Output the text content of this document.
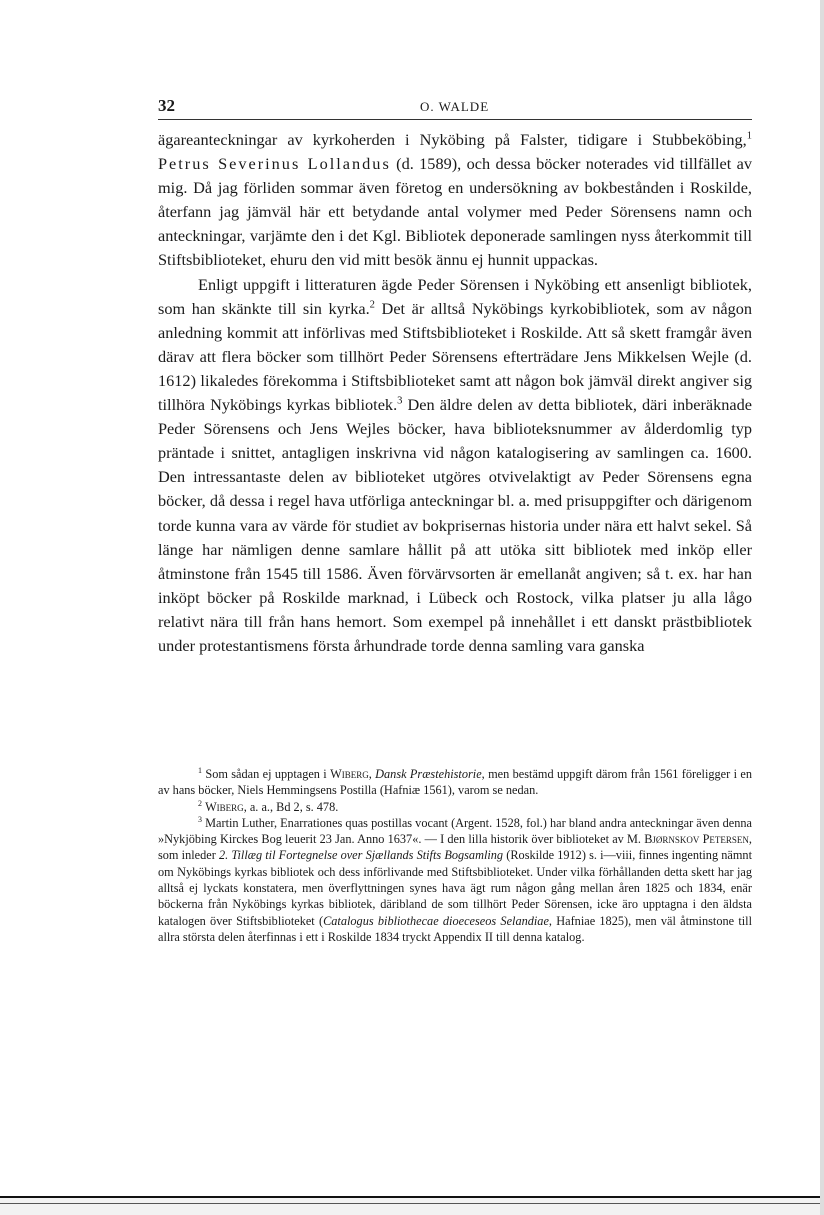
32	O. WALDE

ägareanteckningar av kyrkoherden i Nyköbing på Falster, tidigare i Stubbeköbing,$^1$ Petrus Severinus Lollandus (d. 1589), och dessa böcker noterades vid tillfället av mig. Då jag förliden sommar även företog en undersökning av bokbestånden i Roskilde, återfann jag jämväl här ett betydande antal volymer med Peder Sörensens namn och anteckningar, varjämte den i det Kgl. Bibliotek deponerade samlingen nyss återkommit till Stiftsbiblioteket, ehuru den vid mitt besök ännu ej hunnit uppackas.

Enligt uppgift i litteraturen ägde Peder Sörensen i Nyköbing ett ansenligt bibliotek, som han skänkte till sin kyrka.$^2$ Det är alltså Nyköbings kyrkobibliotek, som av någon anledning kommit att införlivas med Stiftsbiblioteket i Roskilde. Att så skett framgår även därav att flera böcker som tillhört Peder Sörensens efterträdare Jens Mikkelsen Wejle (d. 1612) likaledes förekomma i Stiftsbiblioteket samt att någon bok jämväl direkt angiver sig tillhöra Nyköbings kyrkas bibliotek.$^3$ Den äldre delen av detta bibliotek, däri inberäknade Peder Sörensens och Jens Wejles böcker, hava biblioteksnummer av ålderdomlig typ präntade i snittet, antagligen inskrivna vid någon katalogisering av samlingen ca. 1600. Den intressantaste delen av biblioteket utgöres otvivelaktigt av Peder Sörensens egna böcker, då dessa i regel hava utförliga anteckningar bl. a. med prisuppgifter och därigenom torde kunna vara av värde för studiet av bokprisernas historia under nära ett halvt sekel. Så länge har nämligen denne samlare hållit på att utöka sitt bibliotek med inköp eller åtminstone från 1545 till 1586. Även förvärvsorten är emellanåt angiven; så t. ex. har han inköpt böcker på Roskilde marknad, i Lübeck och Rostock, vilka platser ju alla lågo relativt nära till från hans hemort. Som exempel på innehållet i ett danskt prästbibliotek under protestantismens första århundrade torde denna samling vara ganska

$^1$ Som sådan ej upptagen i Wiberg, Dansk Præstehistorie, men bestämd uppgift därom från 1561 föreligger i en av hans böcker, Niels Hemmingsens Postilla (Hafniæ 1561), varom se nedan.

$^2$ Wiberg, a. a., Bd 2, s. 478.

$^3$ Martin Luther, Enarrationes quas postillas vocant (Argent. 1528, fol.) har bland andra anteckningar även denna »Nykjöbing Kirckes Bog leuerit 23 Jan. Anno 1637«. — I den lilla historik över biblioteket av M. Bjørnskov Petersen, som inleder 2. Tillæg til Fortegnelse over Sjællands Stifts Bogsamling (Roskilde 1912) s. i—viii, finnes ingenting nämnt om Nyköbings kyrkas bibliotek och dess införlivande med Stiftsbiblioteket. Under vilka förhållanden detta skett har jag alltså ej lyckats konstatera, men överflyttningen synes hava ägt rum någon gång mellan åren 1825 och 1834, enär böckerna från Nyköbings kyrkas bibliotek, däribland de som tillhört Peder Sörensen, icke äro upptagna i den äldsta katalogen över Stiftsbiblioteket (Catalogus bibliothecae dioeceseos Selandiae, Hafniae 1825), men väl åtminstone till allra största delen återfinnas i ett i Roskilde 1834 tryckt Appendix II till denna katalog.
